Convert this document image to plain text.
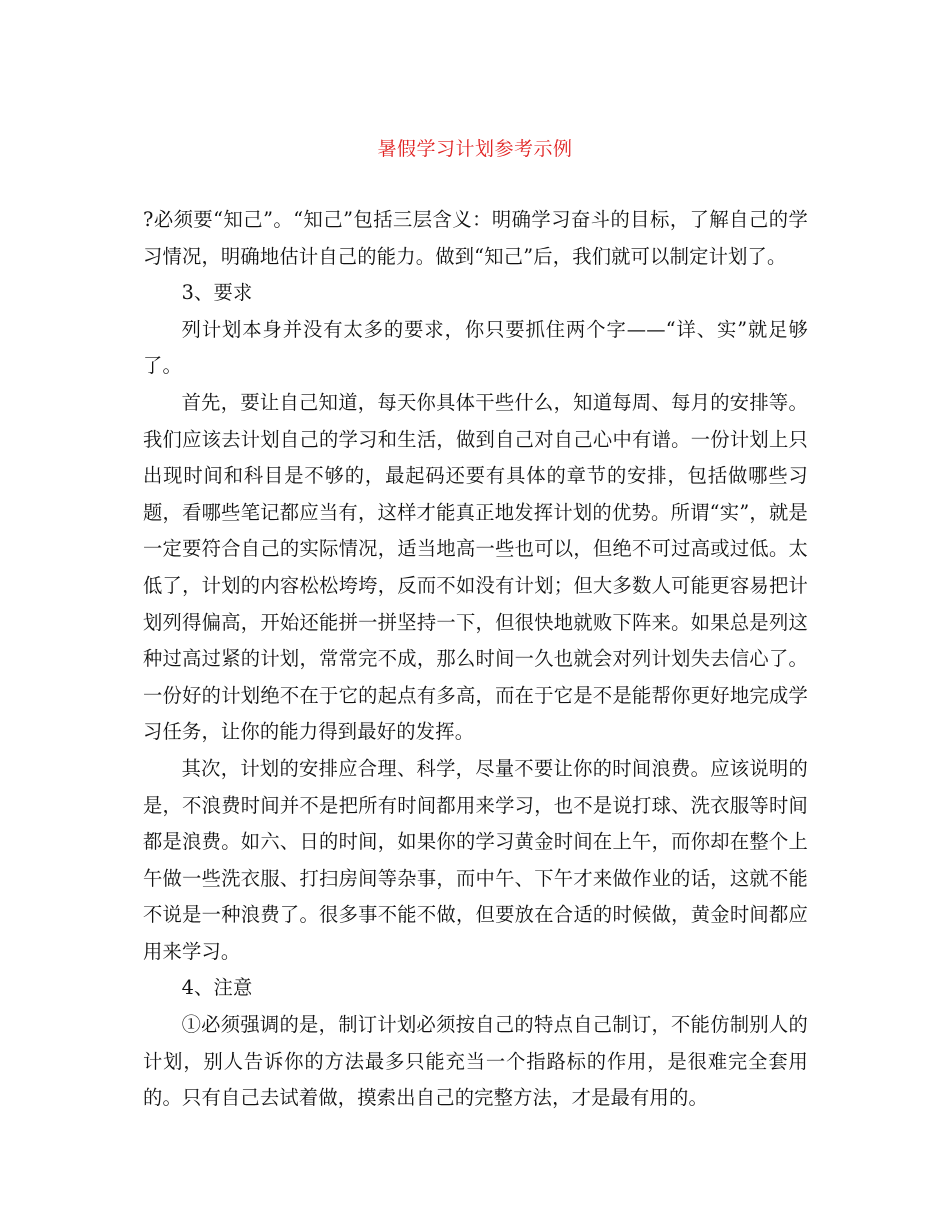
暑假学习计划参考示例

?必须要“知己”。“知己”包括三层含义：明确学习奋斗的目标，了解自己的学习情况，明确地估计自己的能力。做到“知己”后，我们就可以制定计划了。

3、要求

列计划本身并没有太多的要求，你只要抓住两个字——“详、实”就足够了。

首先，要让自己知道，每天你具体干些什么，知道每周、每月的安排等。我们应该去计划自己的学习和生活，做到自己对自己心中有谱。一份计划上只出现时间和科目是不够的，最起码还要有具体的章节的安排，包括做哪些习题，看哪些笔记都应当有，这样才能真正地发挥计划的优势。所谓“实”，就是一定要符合自己的实际情况，适当地高一些也可以，但绝不可过高或过低。太低了，计划的内容松松垮垮，反而不如没有计划；但大多数人可能更容易把计划列得偏高，开始还能拼一拼坚持一下，但很快地就败下阵来。如果总是列这种过高过紧的计划，常常完不成，那么时间一久也就会对列计划失去信心了。一份好的计划绝不在于它的起点有多高，而在于它是不是能帮你更好地完成学习任务，让你的能力得到最好的发挥。

其次，计划的安排应合理、科学，尽量不要让你的时间浪费。应该说明的是，不浪费时间并不是把所有时间都用来学习，也不是说打球、洗衣服等时间都是浪费。如六、日的时间，如果你的学习黄金时间在上午，而你却在整个上午做一些洗衣服、打扫房间等杂事，而中午、下午才来做作业的话，这就不能不说是一种浪费了。很多事不能不做，但要放在合适的时候做，黄金时间都应用来学习。

4、注意

①必须强调的是，制订计划必须按自己的特点自己制订，不能仿制别人的计划，别人告诉你的方法最多只能充当一个指路标的作用，是很难完全套用的。只有自己去试着做，摸索出自己的完整方法，才是最有用的。
